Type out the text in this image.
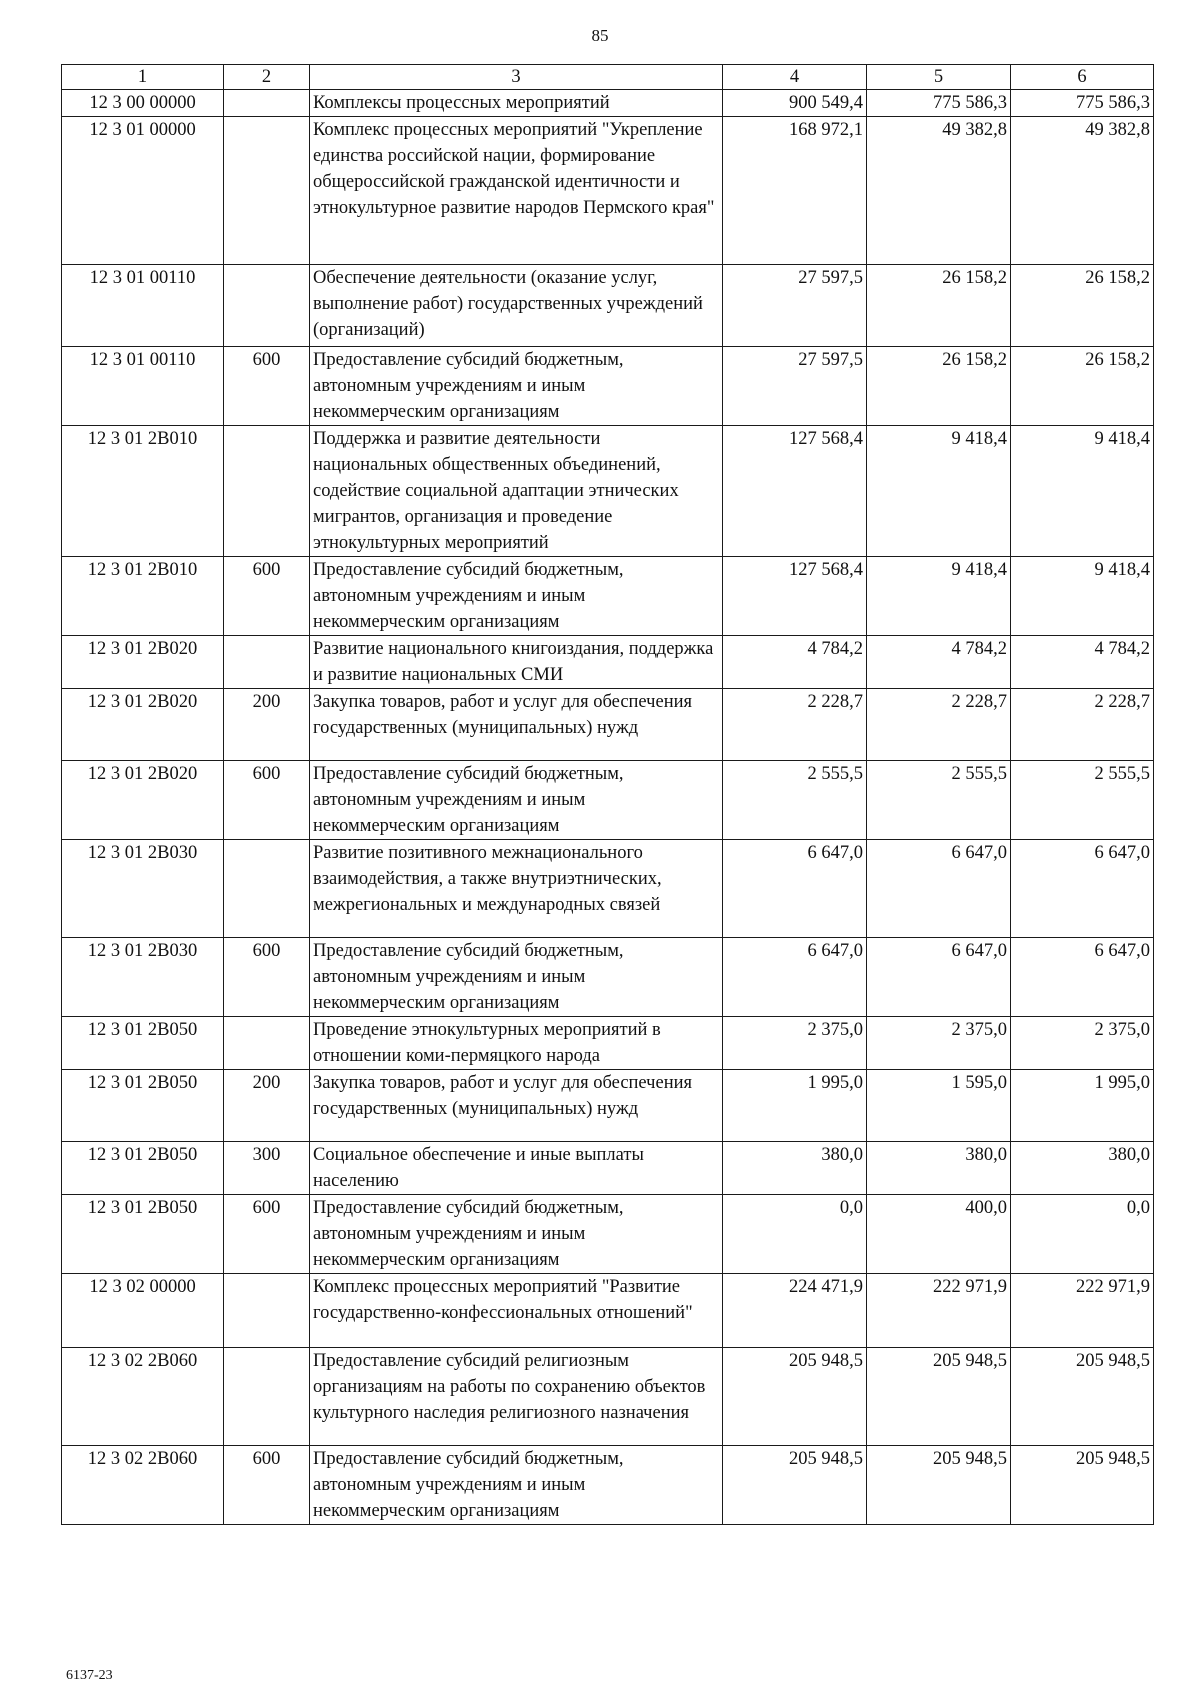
85
1	2	3	4	5	6
12 3 00 00000		Комплексы процессных мероприятий	900 549,4	775 586,3	775 586,3
12 3 01 00000		Комплекс процессных мероприятий "Укрепление единства российской нации, формирование общероссийской гражданской идентичности и этнокультурное развитие народов Пермского края"	168 972,1	49 382,8	49 382,8
12 3 01 00110		Обеспечение деятельности (оказание услуг, выполнение работ) государственных учреждений (организаций)	27 597,5	26 158,2	26 158,2
12 3 01 00110	600	Предоставление субсидий бюджетным, автономным учреждениям и иным некоммерческим организациям	27 597,5	26 158,2	26 158,2
12 3 01 2В010		Поддержка и развитие деятельности национальных общественных объединений, содействие социальной адаптации этнических мигрантов, организация и проведение этнокультурных мероприятий	127 568,4	9 418,4	9 418,4
12 3 01 2В010	600	Предоставление субсидий бюджетным, автономным учреждениям и иным некоммерческим организациям	127 568,4	9 418,4	9 418,4
12 3 01 2В020		Развитие национального книгоиздания, поддержка и развитие национальных СМИ	4 784,2	4 784,2	4 784,2
12 3 01 2В020	200	Закупка товаров, работ и услуг для обеспечения государственных (муниципальных) нужд	2 228,7	2 228,7	2 228,7
12 3 01 2В020	600	Предоставление субсидий бюджетным, автономным учреждениям и иным некоммерческим организациям	2 555,5	2 555,5	2 555,5
12 3 01 2В030		Развитие позитивного межнационального взаимодействия, а также внутриэтнических, межрегиональных и международных связей	6 647,0	6 647,0	6 647,0
12 3 01 2В030	600	Предоставление субсидий бюджетным, автономным учреждениям и иным некоммерческим организациям	6 647,0	6 647,0	6 647,0
12 3 01 2В050		Проведение этнокультурных мероприятий в отношении коми-пермяцкого народа	2 375,0	2 375,0	2 375,0
12 3 01 2В050	200	Закупка товаров, работ и услуг для обеспечения государственных (муниципальных) нужд	1 995,0	1 595,0	1 995,0
12 3 01 2В050	300	Социальное обеспечение и иные выплаты населению	380,0	380,0	380,0
12 3 01 2В050	600	Предоставление субсидий бюджетным, автономным учреждениям и иным некоммерческим организациям	0,0	400,0	0,0
12 3 02 00000		Комплекс процессных мероприятий "Развитие государственно-конфессиональных отношений"	224 471,9	222 971,9	222 971,9
12 3 02 2В060		Предоставление субсидий религиозным организациям на работы по сохранению объектов культурного наследия религиозного назначения	205 948,5	205 948,5	205 948,5
12 3 02 2В060	600	Предоставление субсидий бюджетным, автономным учреждениям и иным некоммерческим организациям	205 948,5	205 948,5	205 948,5
6137-23
